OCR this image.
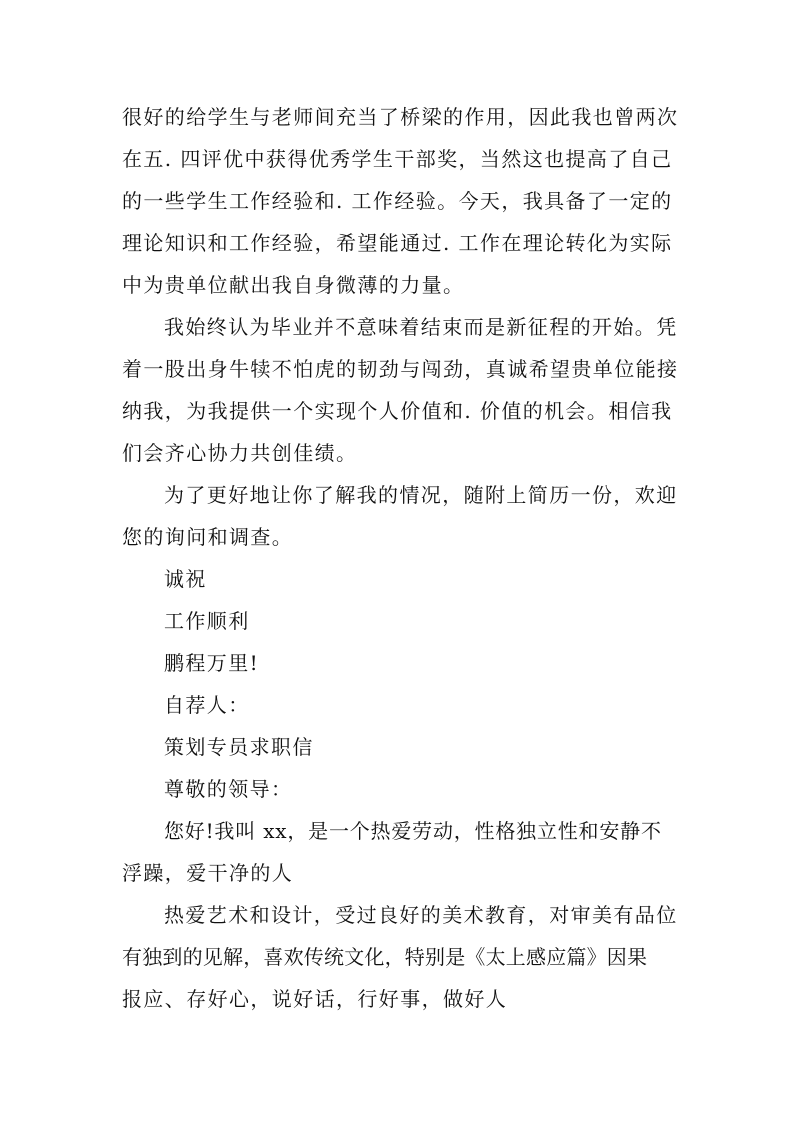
很好的给学生与老师间充当了桥梁的作用，因此我也曾两次
在五. 四评优中获得优秀学生干部奖，当然这也提高了自己
的一些学生工作经验和. 工作经验。今天，我具备了一定的
理论知识和工作经验，希望能通过. 工作在理论转化为实际
中为贵单位献出我自身微薄的力量。
我始终认为毕业并不意味着结束而是新征程的开始。凭
着一股出身牛犊不怕虎的韧劲与闯劲，真诚希望贵单位能接
纳我，为我提供一个实现个人价值和. 价值的机会。相信我
们会齐心协力共创佳绩。
为了更好地让你了解我的情况，随附上简历一份，欢迎
您的询问和调查。
诚祝
工作顺利
鹏程万里!
自荐人：
策划专员求职信
尊敬的领导：
您好!我叫 xx，是一个热爱劳动，性格独立性和安静不
浮躁，爱干净的人
热爱艺术和设计，受过良好的美术教育，对审美有品位
有独到的见解，喜欢传统文化，特别是《太上感应篇》因果
报应、存好心，说好话，行好事，做好人
